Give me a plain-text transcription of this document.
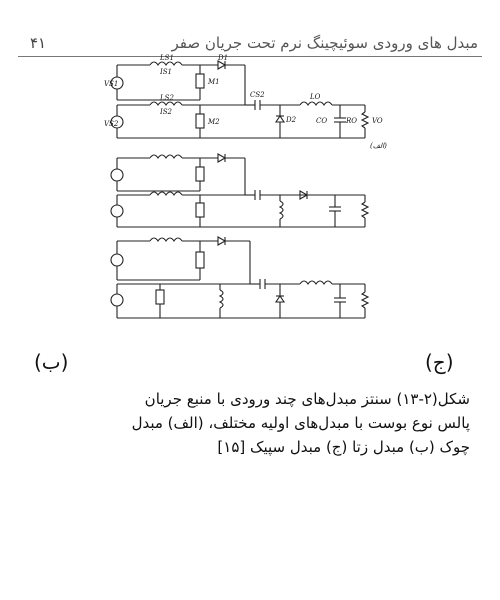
۴۱	مبدل های ورودی سوئیچینگ نرم تحت جریان صفر
VS1
VS2
LS1
LS2
IS1
IS2
D1
M1
M2
CS2
D2
LO
CO	RO VO
(الف)
(ب)	(ج)
شکل(۲-۱۳) سنتز مبدل‌های چند ورودی با منبع جریان
پالس نوع بوست با مبدل‌های اولیه مختلف، (الف) مبدل
چوک (ب) مبدل زتا (ج) مبدل سپیک [۱۵]
